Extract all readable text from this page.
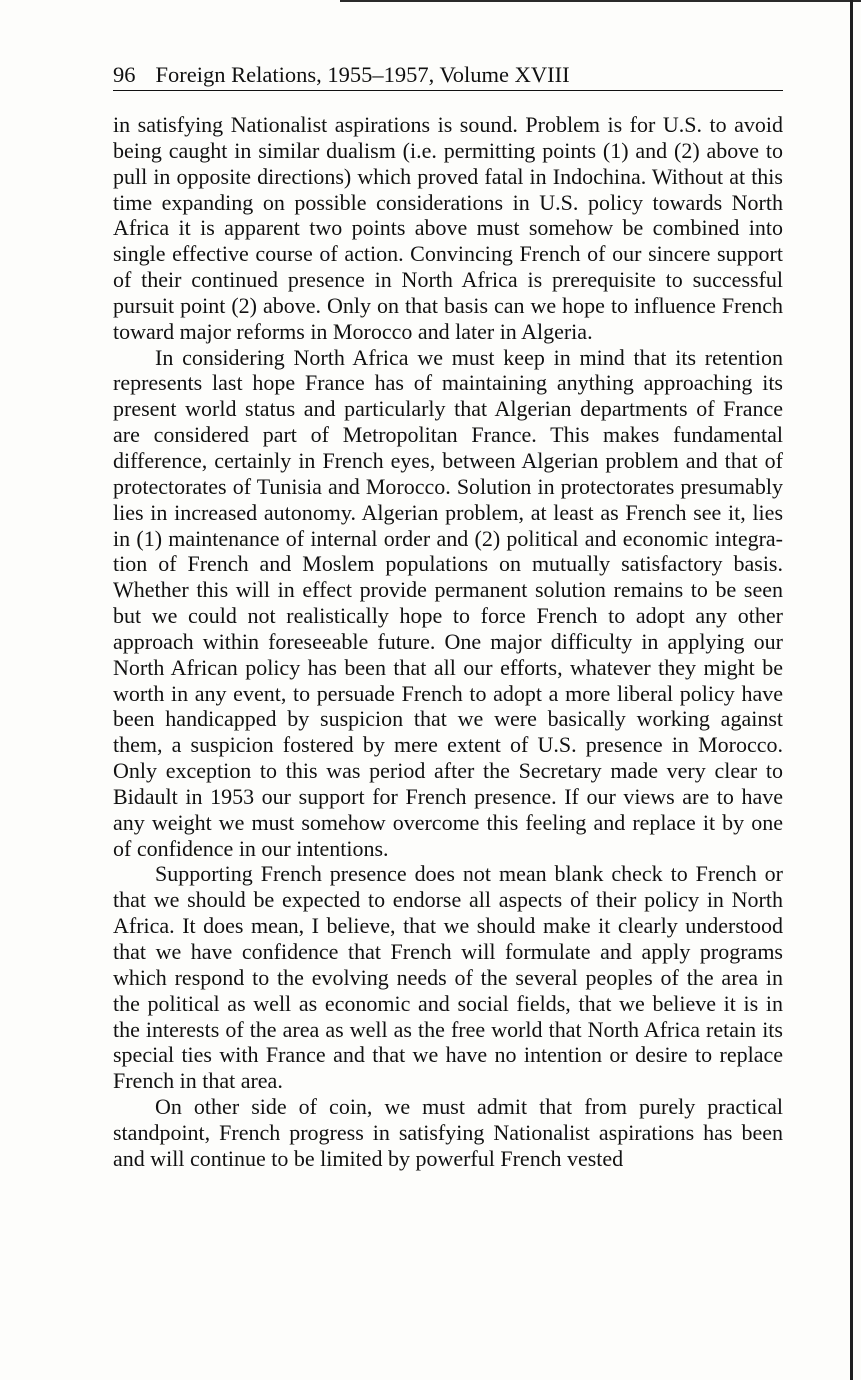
96 Foreign Relations, 1955–1957, Volume XVIII

in satisfying Nationalist aspirations is sound. Problem is for U.S. to avoid being caught in similar dualism (i.e. permitting points (1) and (2) above to pull in opposite directions) which proved fatal in Indochina. Without at this time expanding on possible considerations in U.S. policy towards North Africa it is apparent two points above must somehow be combined into single effective course of action. Convincing French of our sincere support of their continued presence in North Africa is prerequisite to successful pursuit point (2) above. Only on that basis can we hope to influence French toward major reforms in Morocco and later in Algeria.

In considering North Africa we must keep in mind that its retention represents last hope France has of maintaining anything approaching its present world status and particularly that Algerian departments of France are considered part of Metropolitan France. This makes fundamental difference, certainly in French eyes, between Algerian problem and that of protectorates of Tunisia and Morocco. Solution in protectorates presumably lies in increased autonomy. Algerian problem, at least as French see it, lies in (1) maintenance of internal order and (2) political and economic integration of French and Moslem populations on mutually satisfactory basis. Whether this will in effect provide permanent solution remains to be seen but we could not realistically hope to force French to adopt any other approach within foreseeable future. One major difficulty in applying our North African policy has been that all our efforts, whatever they might be worth in any event, to persuade French to adopt a more liberal policy have been handicapped by suspicion that we were basically working against them, a suspicion fostered by mere extent of U.S. presence in Morocco. Only exception to this was period after the Secretary made very clear to Bidault in 1953 our support for French presence. If our views are to have any weight we must somehow overcome this feeling and replace it by one of confidence in our intentions.

Supporting French presence does not mean blank check to French or that we should be expected to endorse all aspects of their policy in North Africa. It does mean, I believe, that we should make it clearly understood that we have confidence that French will formulate and apply programs which respond to the evolving needs of the several peoples of the area in the political as well as economic and social fields, that we believe it is in the interests of the area as well as the free world that North Africa retain its special ties with France and that we have no intention or desire to replace French in that area.

On other side of coin, we must admit that from purely practical standpoint, French progress in satisfying Nationalist aspirations has been and will continue to be limited by powerful French vested
